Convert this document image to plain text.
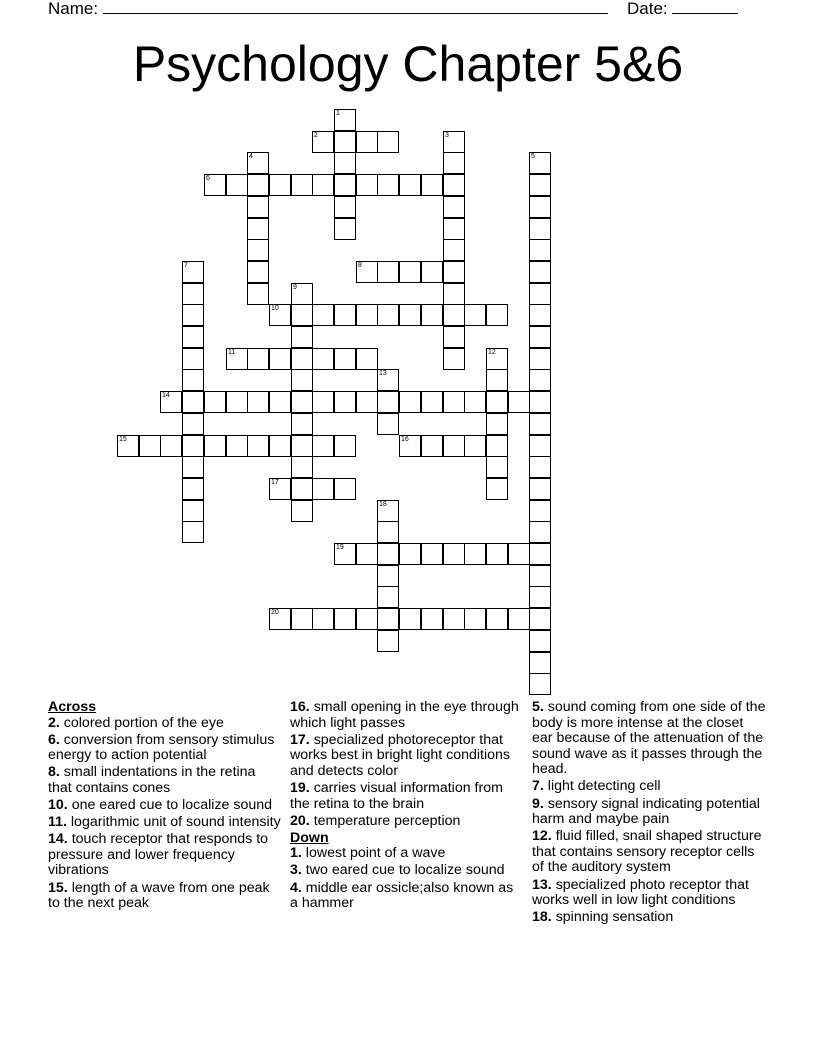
Name:	Date:
Psychology Chapter 5&6
1
2	3
4	5
6
7	8
9
10
11	12
13
14
15	16
17
18
19
20
Across
2. colored portion of the eye
6. conversion from sensory stimulus energy to action potential
8. small indentations in the retina that contains cones
10. one eared cue to localize sound
11. logarithmic unit of sound intensity
14. touch receptor that responds to pressure and lower frequency vibrations
15. length of a wave from one peak to the next peak
16. small opening in the eye through which light passes
17. specialized photoreceptor that works best in bright light conditions and detects color
19. carries visual information from the retina to the brain
20. temperature perception
Down
1. lowest point of a wave
3. two eared cue to localize sound
4. middle ear ossicle;also known as a hammer
5. sound coming from one side of the body is more intense at the closet ear because of the attenuation of the sound wave as it passes through the head.
7. light detecting cell
9. sensory signal indicating potential harm and maybe pain
12. fluid filled, snail shaped structure that contains sensory receptor cells of the auditory system
13. specialized photo receptor that works well in low light conditions
18. spinning sensation
